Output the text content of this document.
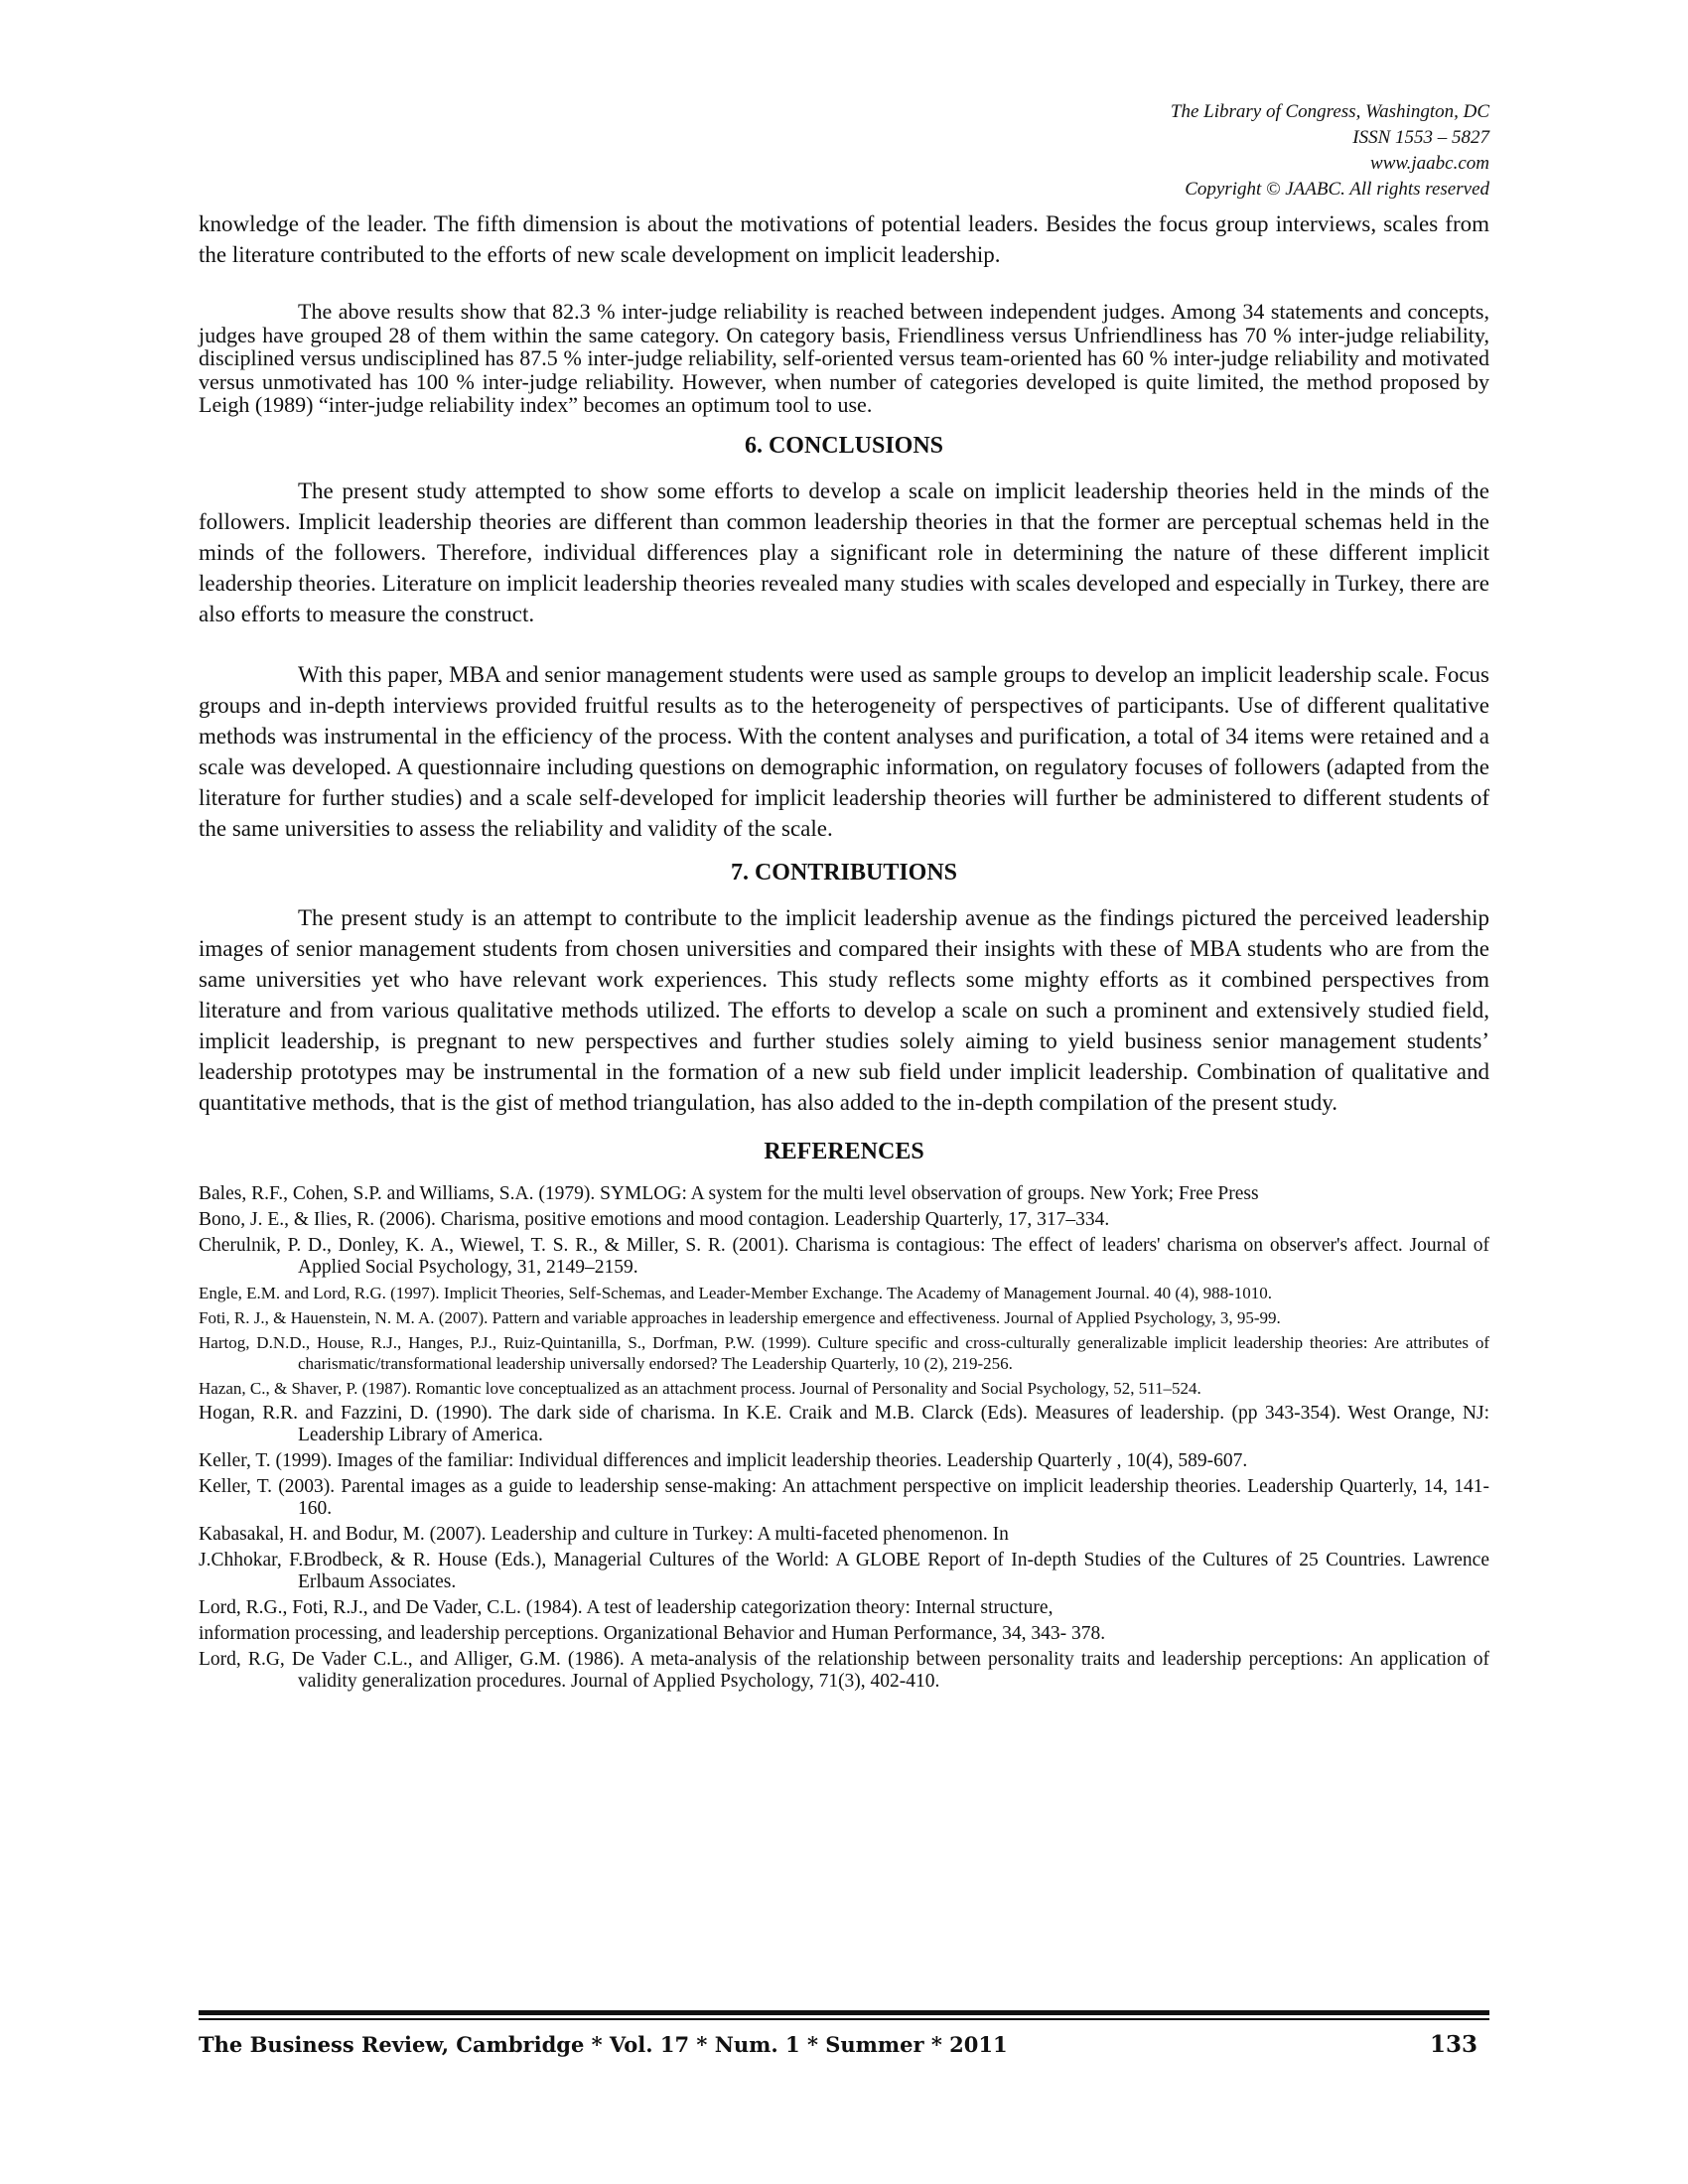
The Library of Congress, Washington, DC
ISSN 1553 – 5827
www.jaabc.com
Copyright © JAABC. All rights reserved

knowledge of the leader. The fifth dimension is about the motivations of potential leaders. Besides the focus group interviews, scales from the literature contributed to the efforts of new scale development on implicit leadership.

The above results show that 82.3 % inter-judge reliability is reached between independent judges. Among 34 statements and concepts, judges have grouped 28 of them within the same category. On category basis, Friendliness versus Unfriendliness has 70 % inter-judge reliability, disciplined versus undisciplined has 87.5 % inter-judge reliability, self-oriented versus team-oriented has 60 % inter-judge reliability and motivated versus unmotivated has 100 % inter-judge reliability. However, when number of categories developed is quite limited, the method proposed by Leigh (1989) “inter-judge reliability index” becomes an optimum tool to use.

6. CONCLUSIONS

The present study attempted to show some efforts to develop a scale on implicit leadership theories held in the minds of the followers. Implicit leadership theories are different than common leadership theories in that the former are perceptual schemas held in the minds of the followers. Therefore, individual differences play a significant role in determining the nature of these different implicit leadership theories. Literature on implicit leadership theories revealed many studies with scales developed and especially in Turkey, there are also efforts to measure the construct.

With this paper, MBA and senior management students were used as sample groups to develop an implicit leadership scale. Focus groups and in-depth interviews provided fruitful results as to the heterogeneity of perspectives of participants. Use of different qualitative methods was instrumental in the efficiency of the process. With the content analyses and purification, a total of 34 items were retained and a scale was developed. A questionnaire including questions on demographic information, on regulatory focuses of followers (adapted from the literature for further studies) and a scale self-developed for implicit leadership theories will further be administered to different students of the same universities to assess the reliability and validity of the scale.

7. CONTRIBUTIONS

The present study is an attempt to contribute to the implicit leadership avenue as the findings pictured the perceived leadership images of senior management students from chosen universities and compared their insights with these of MBA students who are from the same universities yet who have relevant work experiences. This study reflects some mighty efforts as it combined perspectives from literature and from various qualitative methods utilized. The efforts to develop a scale on such a prominent and extensively studied field, implicit leadership, is pregnant to new perspectives and further studies solely aiming to yield business senior management students’ leadership prototypes may be instrumental in the formation of a new sub field under implicit leadership. Combination of qualitative and quantitative methods, that is the gist of method triangulation, has also added to the in-depth compilation of the present study.

REFERENCES
Bales, R.F., Cohen, S.P. and Williams, S.A. (1979). SYMLOG: A system for the multi level observation of groups. New York; Free Press
Bono, J. E., & Ilies, R. (2006). Charisma, positive emotions and mood contagion. Leadership Quarterly, 17, 317–334.
Cherulnik, P. D., Donley, K. A., Wiewel, T. S. R., & Miller, S. R. (2001). Charisma is contagious: The effect of leaders' charisma on observer's affect. Journal of Applied Social Psychology, 31, 2149–2159.
Engle, E.M. and Lord, R.G. (1997). Implicit Theories, Self-Schemas, and Leader-Member Exchange. The Academy of Management Journal. 40 (4), 988-1010.
Foti, R. J., & Hauenstein, N. M. A. (2007). Pattern and variable approaches in leadership emergence and effectiveness. Journal of Applied Psychology, 3, 95-99.
Hartog, D.N.D., House, R.J., Hanges, P.J., Ruiz-Quintanilla, S., Dorfman, P.W. (1999). Culture specific and cross-culturally generalizable implicit leadership theories: Are attributes of charismatic/transformational leadership universally endorsed? The Leadership Quarterly, 10 (2), 219-256.
Hazan, C., & Shaver, P. (1987). Romantic love conceptualized as an attachment process. Journal of Personality and Social Psychology, 52, 511–524.
Hogan, R.R. and Fazzini, D. (1990). The dark side of charisma. In K.E. Craik and M.B. Clarck (Eds). Measures of leadership. (pp 343-354). West Orange, NJ: Leadership Library of America.
Keller, T. (1999). Images of the familiar: Individual differences and implicit leadership theories. Leadership Quarterly , 10(4), 589-607.
Keller, T. (2003). Parental images as a guide to leadership sense-making: An attachment perspective on implicit leadership theories. Leadership Quarterly, 14, 141-160.
Kabasakal, H. and Bodur, M. (2007). Leadership and culture in Turkey: A multi-faceted phenomenon. In
J.Chhokar, F.Brodbeck, & R. House (Eds.), Managerial Cultures of the World: A GLOBE Report of In-depth Studies of the Cultures of 25 Countries. Lawrence Erlbaum Associates.
Lord, R.G., Foti, R.J., and De Vader, C.L. (1984). A test of leadership categorization theory: Internal structure,
information processing, and leadership perceptions. Organizational Behavior and Human Performance, 34, 343- 378.
Lord, R.G, De Vader C.L., and Alliger, G.M. (1986). A meta-analysis of the relationship between personality traits and leadership perceptions: An application of validity generalization procedures. Journal of Applied Psychology, 71(3), 402-410.
The Business Review, Cambridge * Vol. 17 * Num. 1 * Summer * 2011	133
